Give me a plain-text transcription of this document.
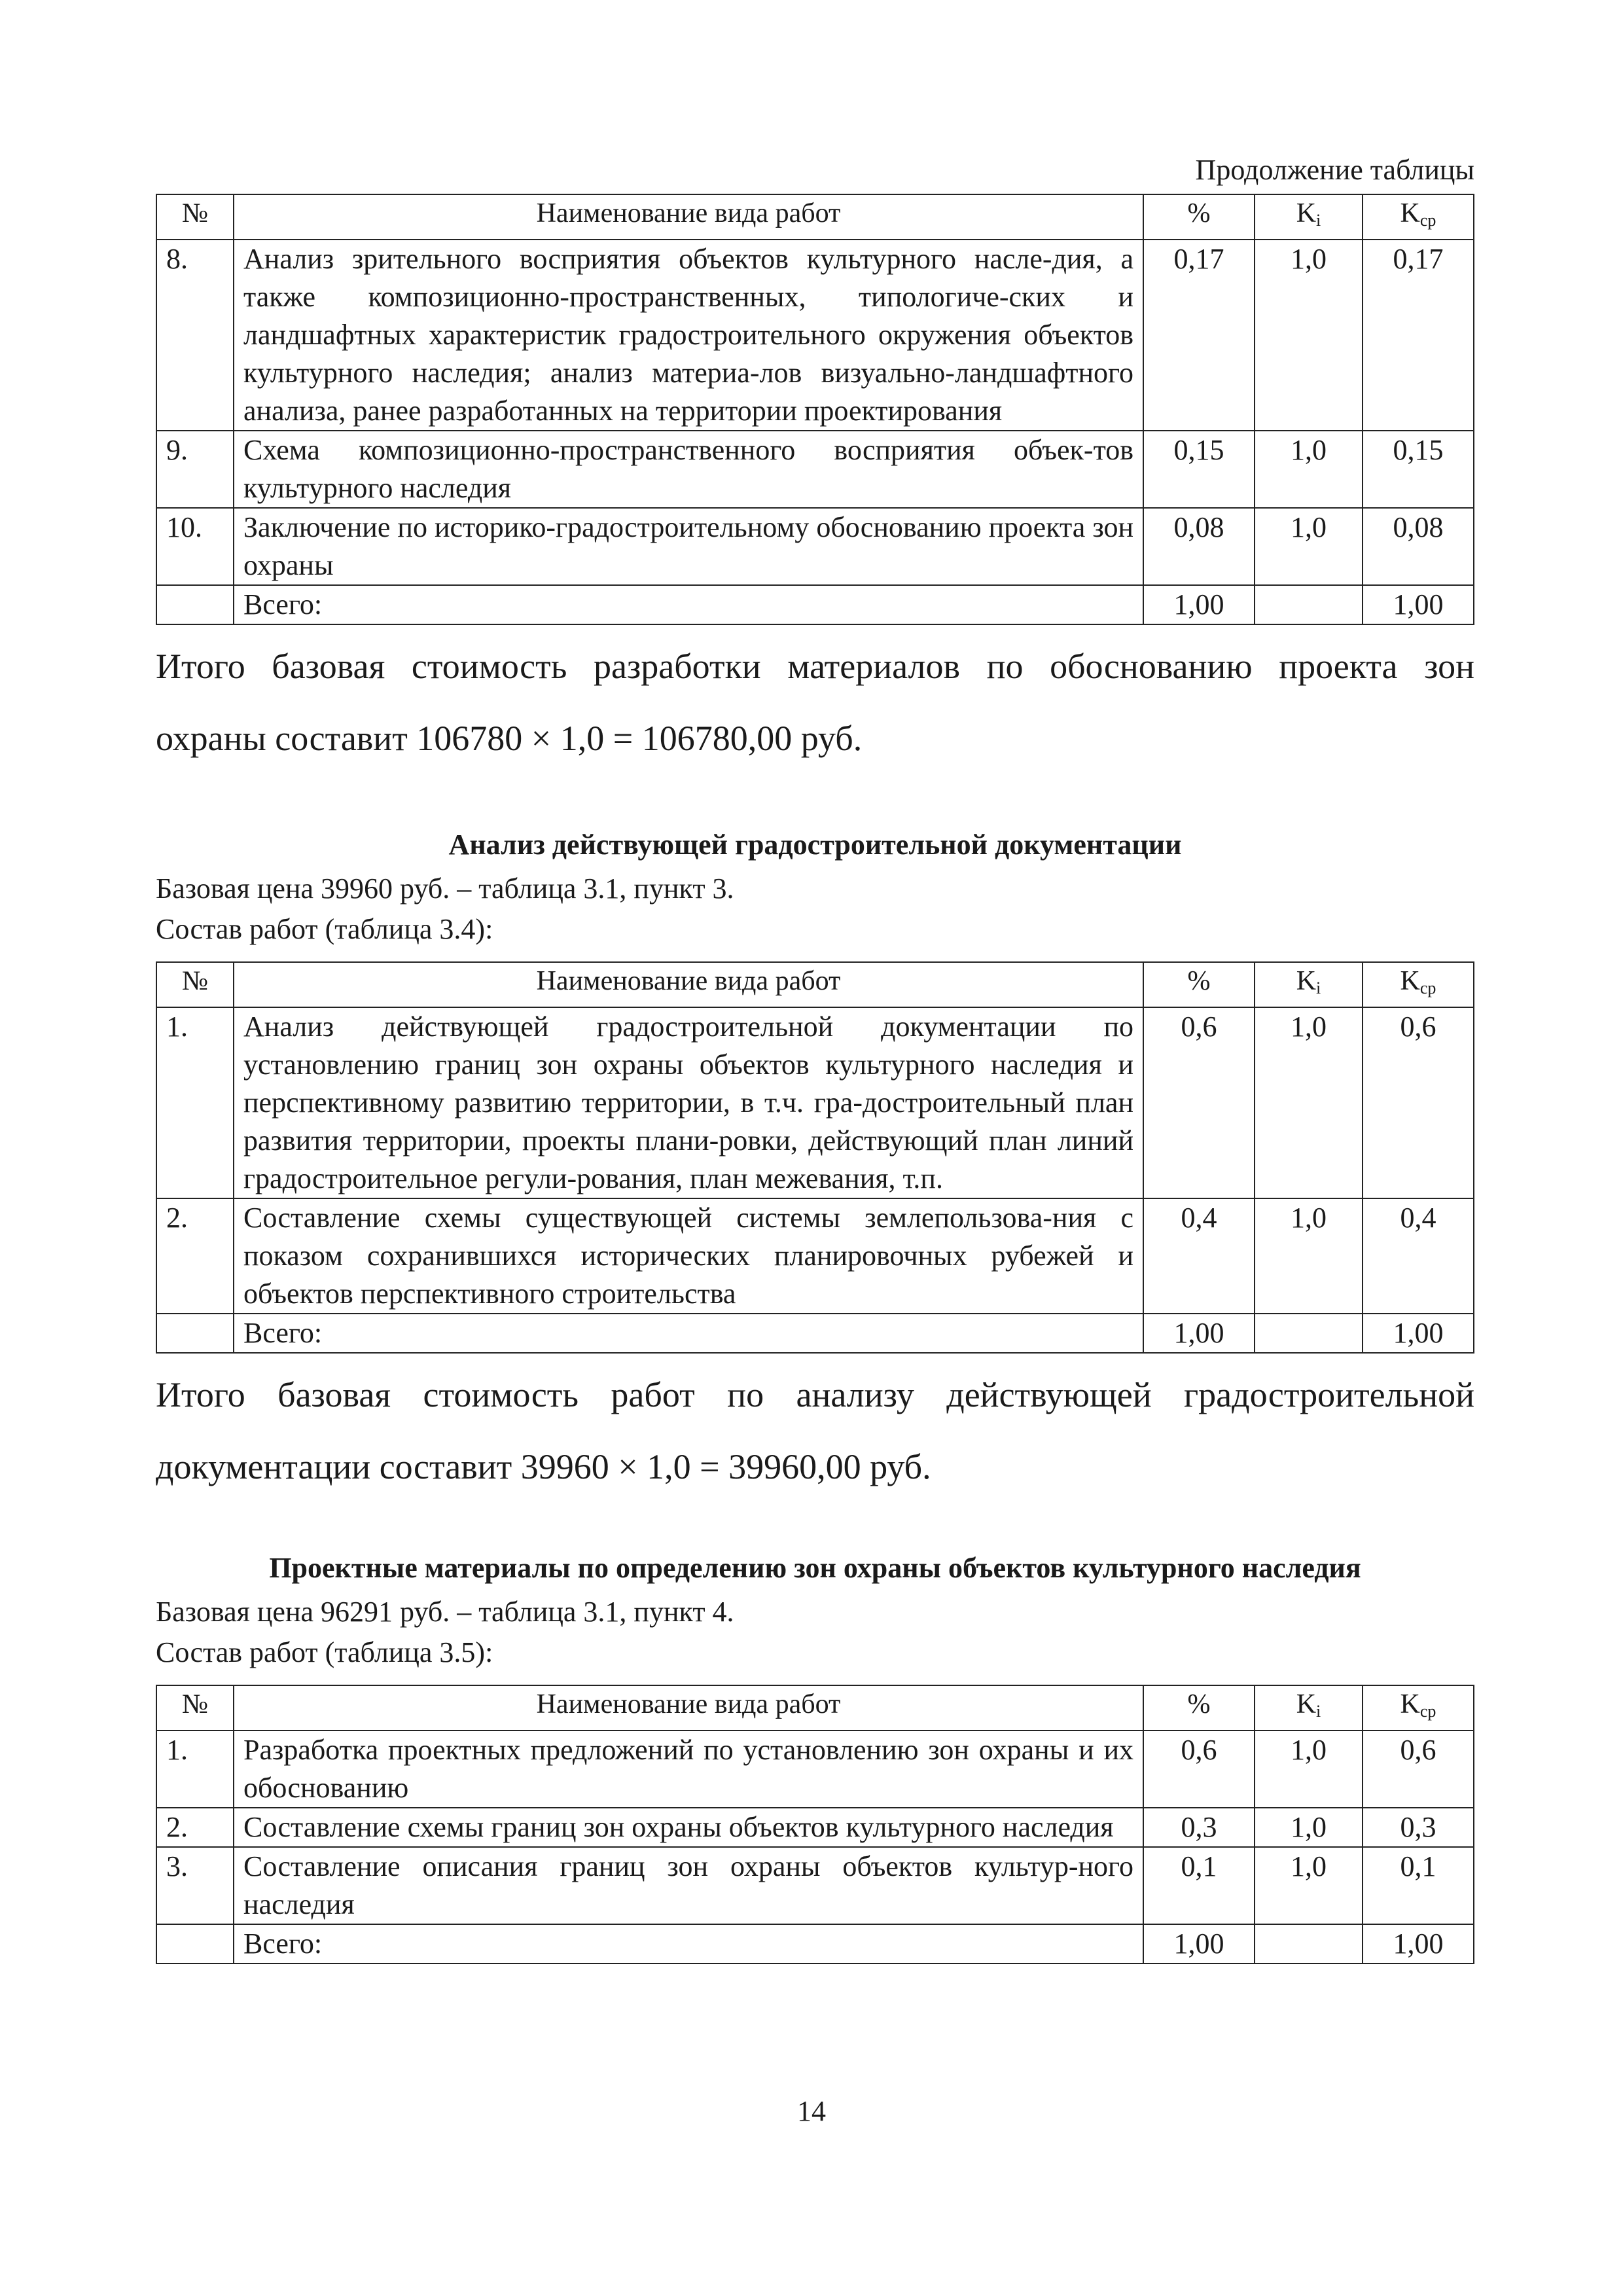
Продолжение таблицы
№	Наименование вида работ	%	$K_i$	$K_{ср}$
8.	Анализ зрительного восприятия объектов культурного насле-дия, а также композиционно-пространственных, типологиче-ских и ландшафтных характеристик градостроительного окружения объектов культурного наследия; анализ материа-лов визуально-ландшафтного анализа, ранее разработанных на территории проектирования	0,17	1,0	0,17
9.	Схема композиционно-пространственного восприятия объек-тов культурного наследия	0,15	1,0	0,15
10.	Заключение по историко-градостроительному обоснованию проекта зон охраны	0,08	1,0	0,08
	Всего:	1,00		1,00
Итого базовая стоимость разработки материалов по обоснованию проекта зон
охраны составит 106780 × 1,0 = 106780,00 руб.
Анализ действующей градостроительной документации
Базовая цена 39960 руб. – таблица 3.1, пункт 3.
Состав работ (таблица 3.4):
№	Наименование вида работ	%	$K_i$	$K_{ср}$
1.	Анализ действующей градостроительной документации по установлению границ зон охраны объектов культурного наследия и перспективному развитию территории, в т.ч. гра-достроительный план развития территории, проекты плани-ровки, действующий план линий градостроительное регули-рования, план межевания, т.п.	0,6	1,0	0,6
2.	Составление схемы существующей системы землепользова-ния с показом сохранившихся исторических планировочных рубежей и объектов перспективного строительства	0,4	1,0	0,4
	Всего:	1,00		1,00
Итого базовая стоимость работ по анализу действующей градостроительной
документации составит 39960 × 1,0 = 39960,00 руб.
Проектные материалы по определению зон охраны объектов культурного наследия
Базовая цена 96291 руб. – таблица 3.1, пункт 4.
Состав работ (таблица 3.5):
№	Наименование вида работ	%	$K_i$	$K_{ср}$
1.	Разработка проектных предложений по установлению зон охраны и их обоснованию	0,6	1,0	0,6
2.	Составление схемы границ зон охраны объектов культурного наследия	0,3	1,0	0,3
3.	Составление описания границ зон охраны объектов культур-ного наследия	0,1	1,0	0,1
	Всего:	1,00		1,00
14
